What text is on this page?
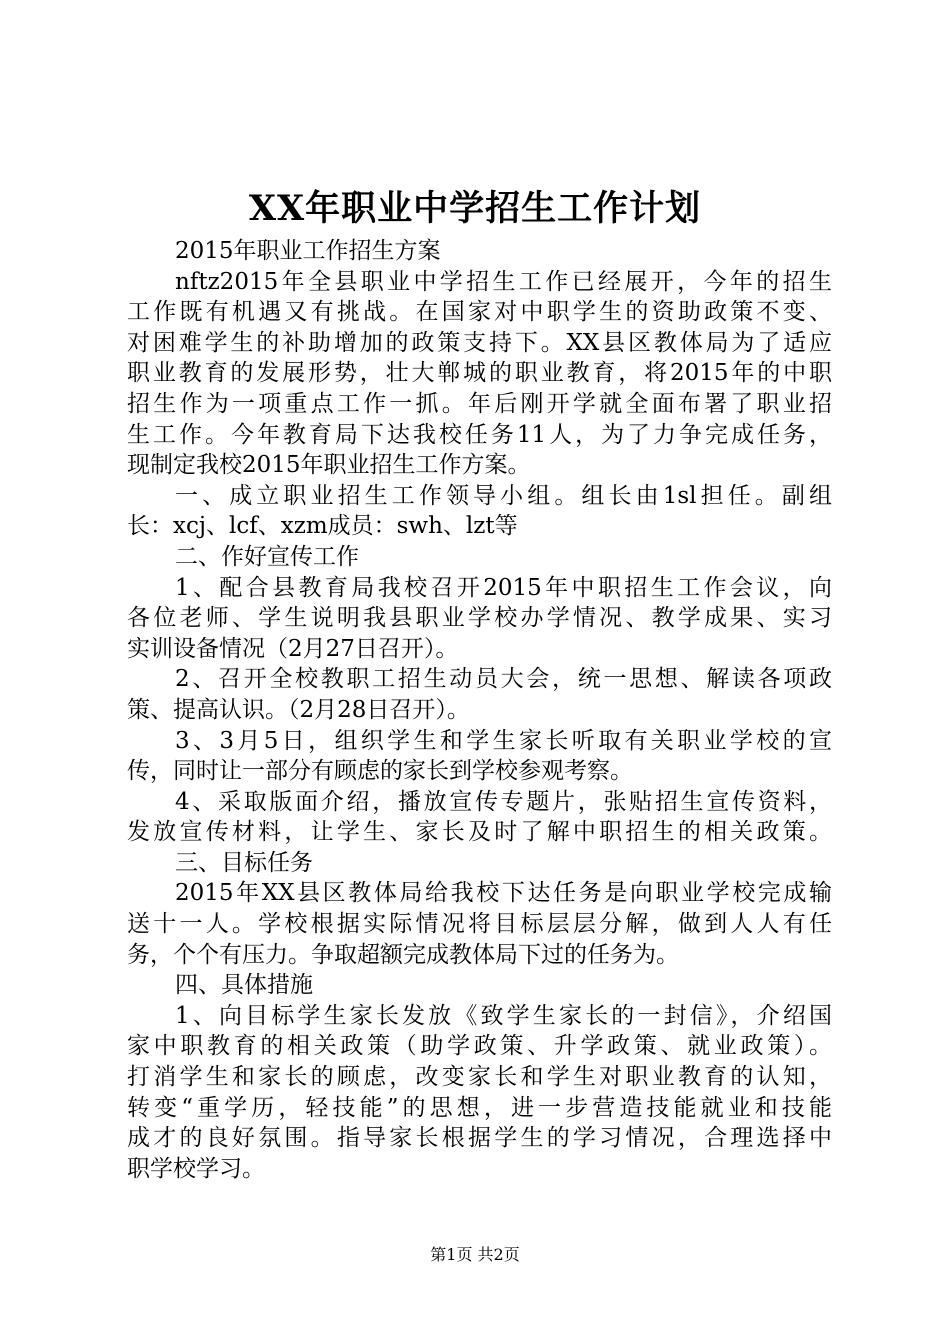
XX年职业中学招生工作计划
2015年职业工作招生方案
nftz2015年全县职业中学招生工作已经展开，今年的招生
工作既有机遇又有挑战。在国家对中职学生的资助政策不变、
对困难学生的补助增加的政策支持下。XX县区教体局为了适应
职业教育的发展形势，壮大郸城的职业教育，将2015年的中职
招生作为一项重点工作一抓。年后刚开学就全面布署了职业招
生工作。今年教育局下达我校任务11人，为了力争完成任务，
现制定我校2015年职业招生工作方案。
一、成立职业招生工作领导小组。组长由1sl担任。副组
长：xcj、lcf、xzm成员：swh、lzt等
二、作好宣传工作
1、配合县教育局我校召开2015年中职招生工作会议，向
各位老师、学生说明我县职业学校办学情况、教学成果、实习
实训设备情况（2月27日召开）。
2、召开全校教职工招生动员大会，统一思想、解读各项政
策、提高认识。（2月28日召开）。
3、3月5日，组织学生和学生家长听取有关职业学校的宣
传，同时让一部分有顾虑的家长到学校参观考察。
4、采取版面介绍，播放宣传专题片，张贴招生宣传资料，
发放宣传材料，让学生、家长及时了解中职招生的相关政策。
三、目标任务
2015年XX县区教体局给我校下达任务是向职业学校完成输
送十一人。学校根据实际情况将目标层层分解，做到人人有任
务，个个有压力。争取超额完成教体局下过的任务为。
四、具体措施
1、向目标学生家长发放《致学生家长的一封信》，介绍国
家中职教育的相关政策（助学政策、升学政策、就业政策）。
打消学生和家长的顾虑，改变家长和学生对职业教育的认知，
转变“重学历，轻技能”的思想，进一步营造技能就业和技能
成才的良好氛围。指导家长根据学生的学习情况，合理选择中
职学校学习。
第1页 共2页
